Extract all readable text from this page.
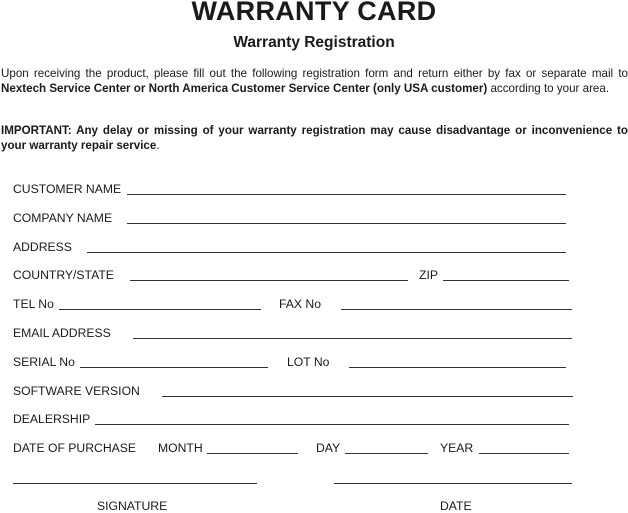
WARRANTY CARD
Warranty Registration
Upon receiving the product, please fill out the following registration form and return either by fax or separate mail to Nextech Service Center or North America Customer Service Center (only USA customer) according to your area.
IMPORTANT: Any delay or missing of your warranty registration may cause disadvantage or inconvenience to your warranty repair service.
CUSTOMER NAME
COMPANY NAME
ADDRESS
COUNTRY/STATE	ZIP
TEL No	FAX No
EMAIL ADDRESS
SERIAL No	LOT No
SOFTWARE VERSION
DEALERSHIP
DATE OF PURCHASE MONTH	DAY	YEAR
SIGNATURE	DATE
